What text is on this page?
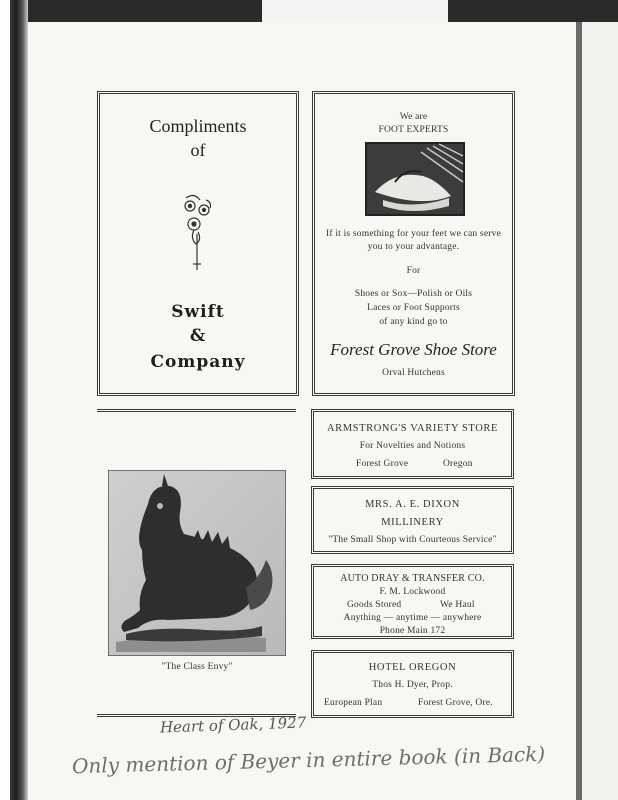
Compliments
of
Swift
&
Company
We are
FOOT EXPERTS
If it is something for your feet we can serve you to your advantage.
For
Shoes or Sox—Polish or Oils
Laces or Foot Supports
of any kind go to
Forest Grove Shoe Store
Orval Hutchens
ARMSTRONG'S VARIETY STORE
For Novelties and Notions
Forest Grove	Oregon
MRS. A. E. DIXON
MILLINERY
"The Small Shop with Courteous Service"
AUTO DRAY & TRANSFER CO.
F. M. Lockwood
Goods Stored	We Haul
Anything — anytime — anywhere
Phone Main 172
HOTEL OREGON
Thos H. Dyer, Prop.
European Plan	Forest Grove, Ore.
"The Class Envy"
Heart of Oak, 1927
Only mention of Beyer in entire book (in Back)
